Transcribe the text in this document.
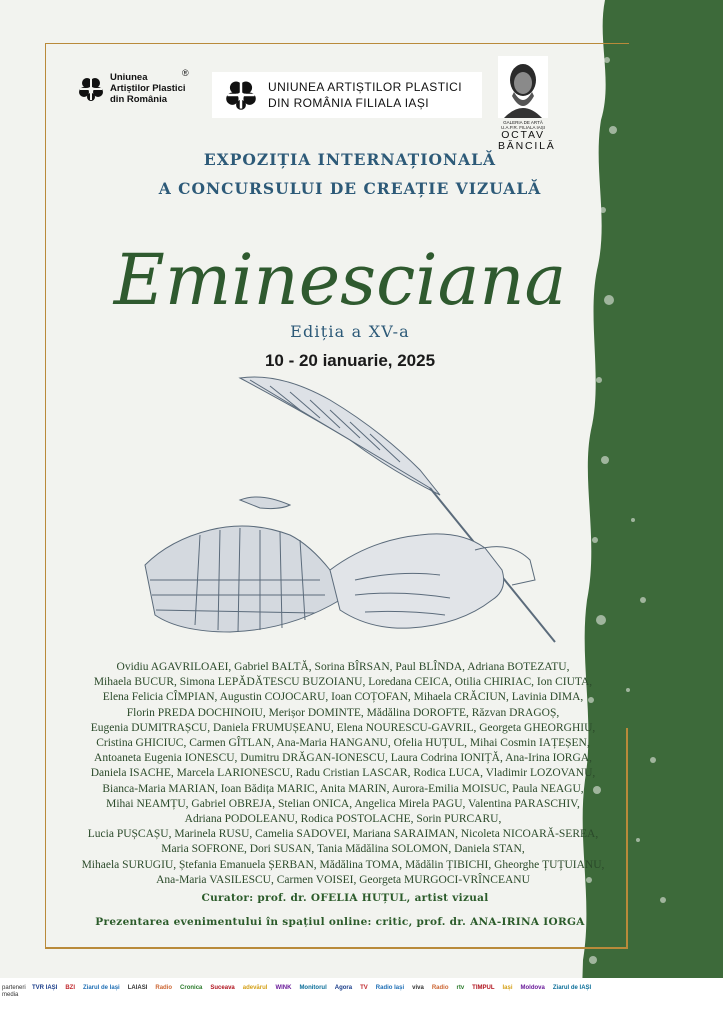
Uniunea
Artiștilor Plastici
din România
®
UNIUNEA ARTIȘTILOR PLASTICI
DIN ROMÂNIA FILIALA IAȘI
GALERIA DE ARTĂ
U.A.P.R. FILIALA IAȘI
OCTAV
BĂNCILĂ
EXPOZIȚIA INTERNAȚIONALĂ
A CONCURSULUI DE CREAȚIE VIZUALĂ
Eminesciana
Ediția a XV-a
10 - 20 ianuarie, 2025

Ovidiu AGAVRILOAEI, Gabriel BALTĂ, Sorina BÎRSAN, Paul BLÎNDA, Adriana BOTEZATU,

Mihaela BUCUR, Simona LEPĂDĂTESCU BUZOIANU, Loredana CEICA, Otilia CHIRIAC, Ion CIUTA,

Elena Felicia CÎMPIAN, Augustin COJOCARU, Ioan COȚOFAN, Mihaela CRĂCIUN, Lavinia DIMA,

Florin PREDA DOCHINOIU, Merișor DOMINTE, Mădălina DOROFTE, Răzvan DRAGOȘ,

Eugenia DUMITRAȘCU, Daniela FRUMUȘEANU, Elena NOURESCU-GAVRIL, Georgeta GHEORGHIU,

Cristina GHICIUC, Carmen GÎTLAN, Ana-Maria HANGANU, Ofelia HUȚUL, Mihai Cosmin IAȚEȘEN,

Antoaneta Eugenia IONESCU, Dumitru DRĂGAN-IONESCU, Laura Codrina IONIȚĂ, Ana-Irina IORGA,

Daniela ISACHE, Marcela LARIONESCU, Radu Cristian LASCAR, Rodica LUCA, Vladimir LOZOVANU,

Bianca-Maria MARIAN, Ioan Bădița MARIC, Anita MARIN, Aurora-Emilia MOISUC, Paula NEAGU,

Mihai NEAMȚU, Gabriel OBREJA, Stelian ONICA, Angelica Mirela PAGU, Valentina PARASCHIV,

Adriana PODOLEANU, Rodica POSTOLACHE, Sorin PURCARU,

Lucia PUȘCAȘU, Marinela RUSU, Camelia SADOVEI, Mariana SARAIMAN, Nicoleta NICOARĂ-SEREA,

Maria SOFRONE, Dori SUSAN, Tania Mădălina SOLOMON, Daniela STAN,

Mihaela SURUGIU, Ștefania Emanuela ȘERBAN, Mădălina TOMA, Mădălin ȚIBICHI, Gheorghe ȚUȚUIANU,

Ana-Maria VASILESCU, Carmen VOISEI, Georgeta MURGOCI-VRÎNCEANU

Curator: prof. dr. OFELIA HUȚUL, artist vizual
Prezentarea evenimentului în spațiul online: critic, prof. dr. ANA-IRINA IORGA
parteneri
media
TVR IAȘI	BZI	Ziarul de Iași	LAIASI	Radio	Cronica	Suceava	adevărul	WINK	Monitorul	Agora	TV	Radio Iași	viva	Radio	rtv	TIMPUL	Iași	Moldova	Ziarul de IAȘI
